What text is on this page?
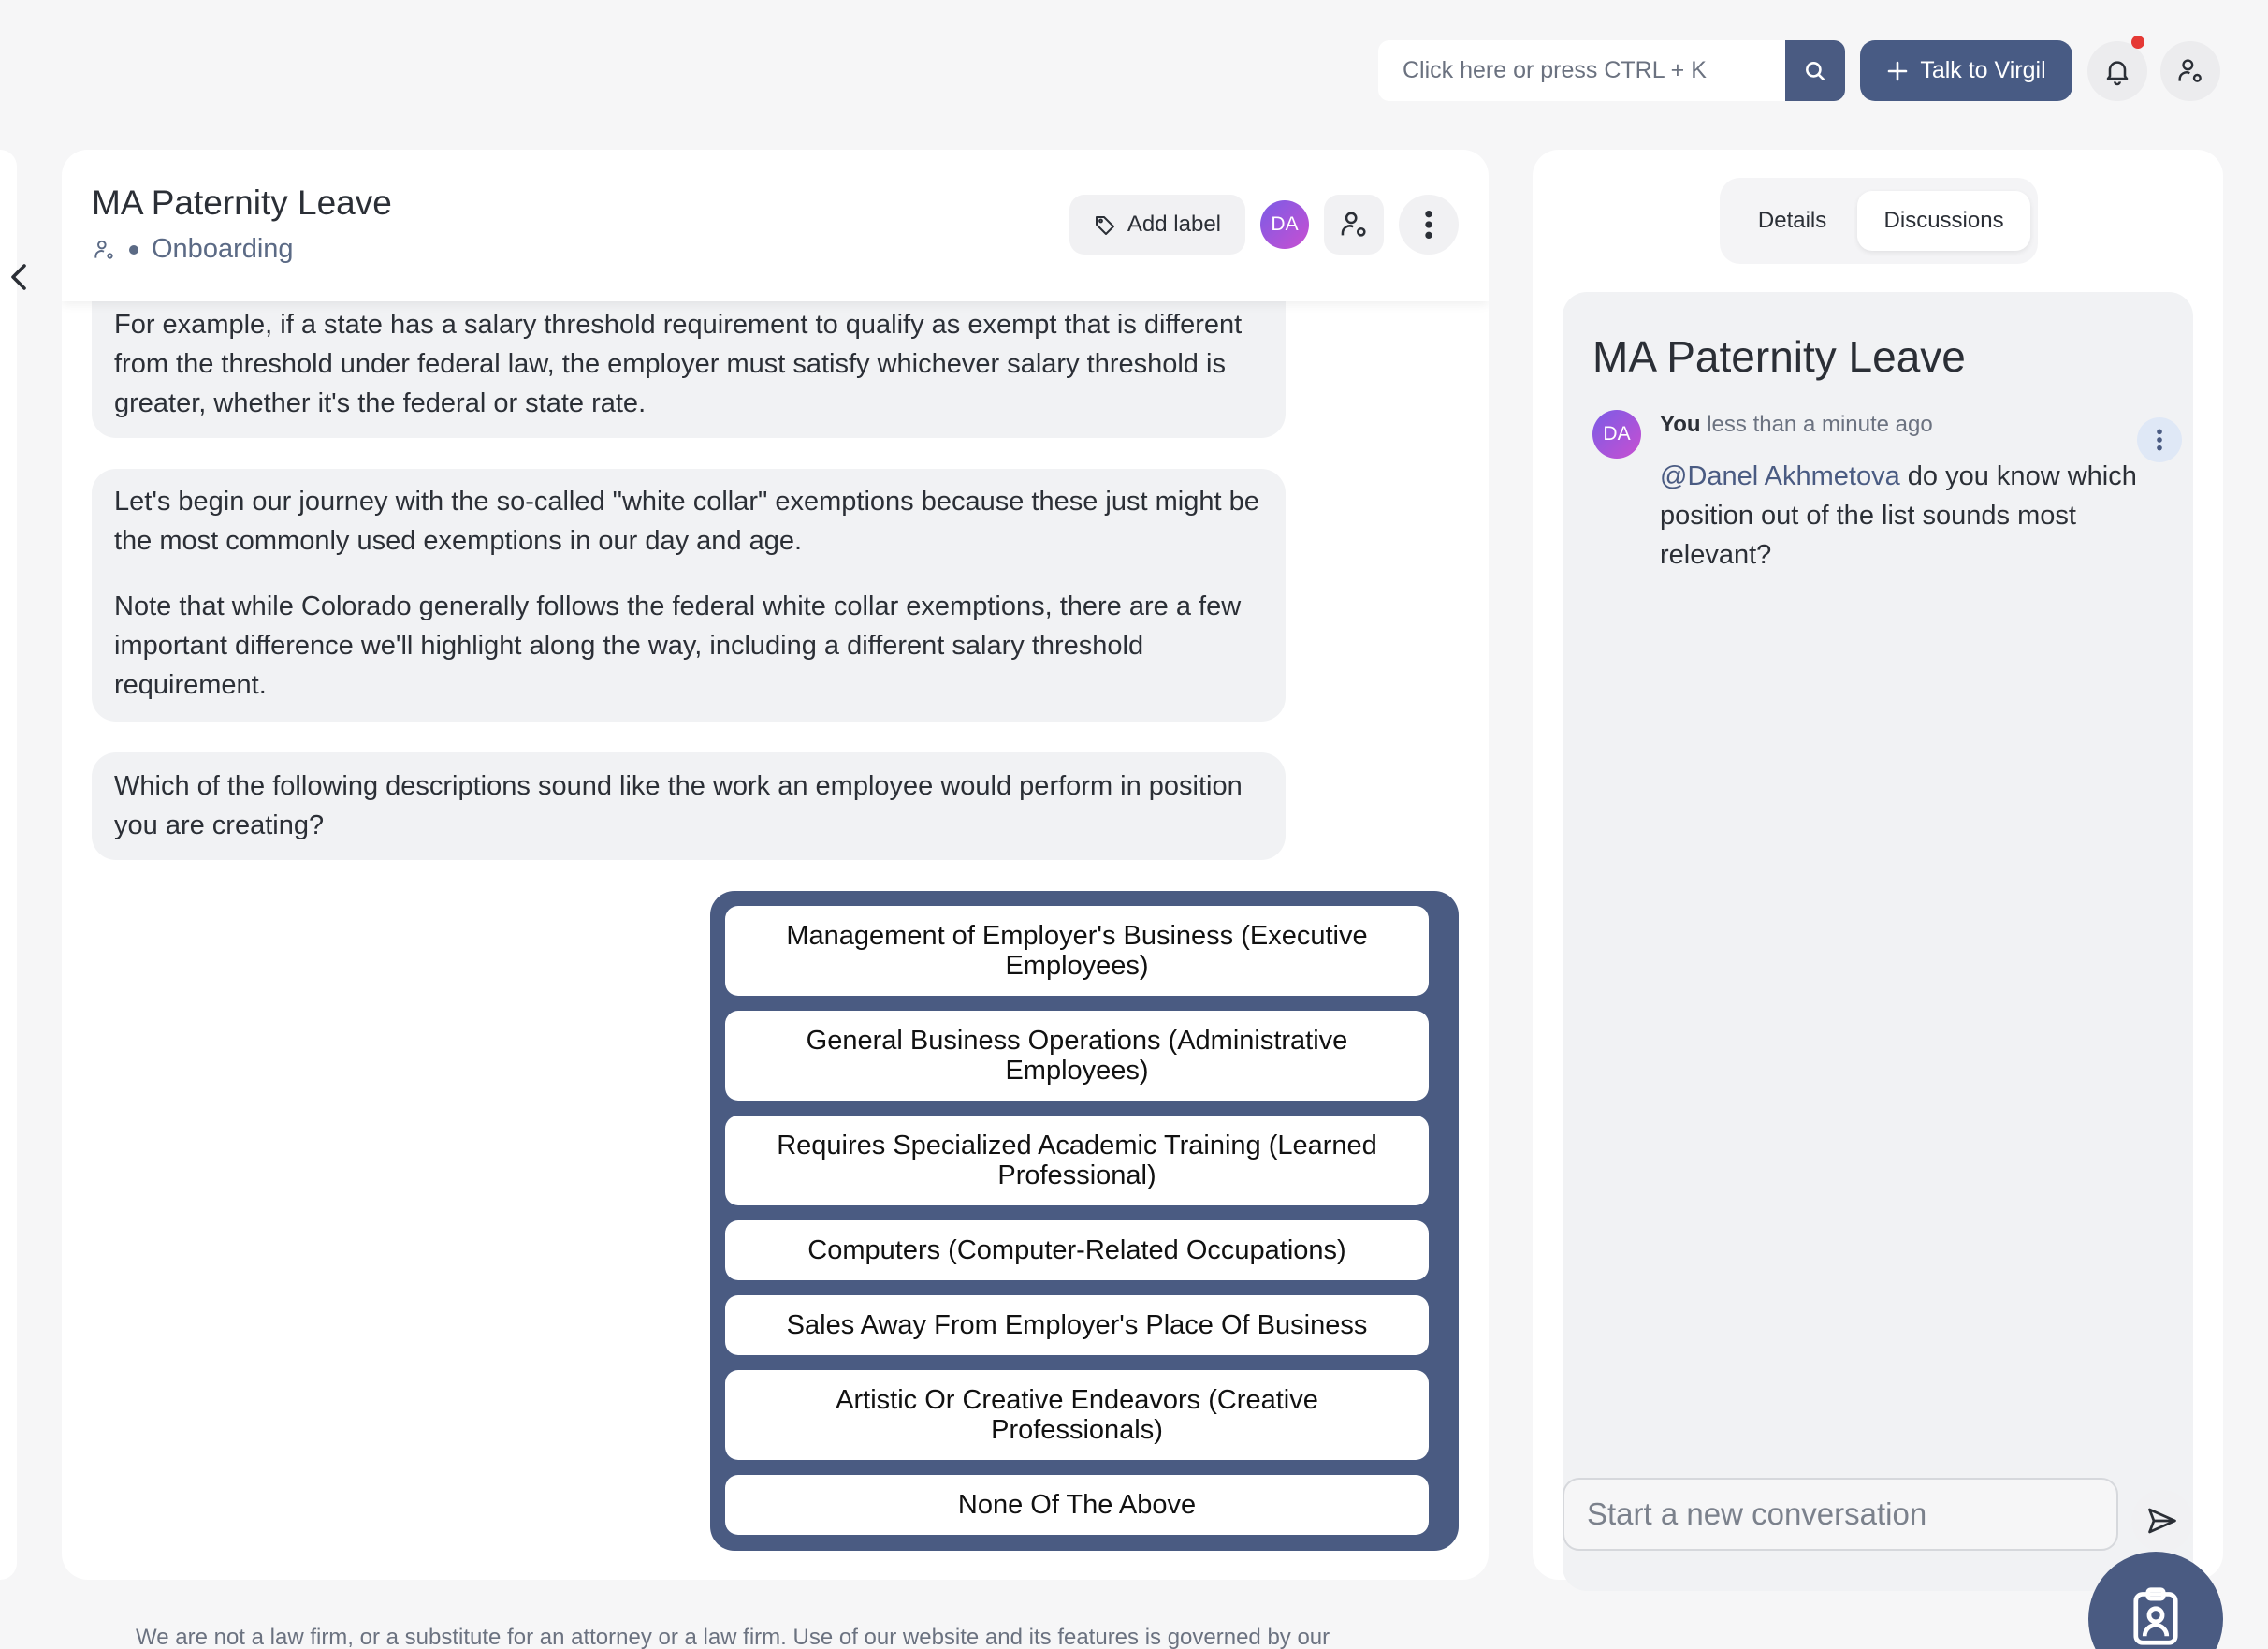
Click here or press CTRL + K	Talk to Virgil

For example, if a state has a salary threshold requirement to qualify as exempt that is different from the threshold under federal law, the employer must satisfy whichever salary threshold is greater, whether it's the federal or state rate.

Let's begin our journey with the so-called "white collar" exemptions because these just might be the most commonly used exemptions in our day and age.

Note that while Colorado generally follows the federal white collar exemptions, there are a few important difference we'll highlight along the way, including a different salary threshold requirement.

Which of the following descriptions sound like the work an employee would perform in position you are creating?

Management of Employer's Business (Executive Employees)
General Business Operations (Administrative Employees)
Requires Specialized Academic Training (Learned Professional)
Computers (Computer-Related Occupations)
Sales Away From Employer's Place Of Business
Artistic Or Creative Endeavors (Creative Professionals)
None Of The Above
MA Paternity Leave
Onboarding
Add label	DA	Details	Discussions
MA Paternity Leave
DA	You less than a minute ago
@Danel Akhmetova do you know which position out of the list sounds most relevant?
Start a new conversation
We are not a law firm, or a substitute for an attorney or a law firm. Use of our website and its features is governed by our
